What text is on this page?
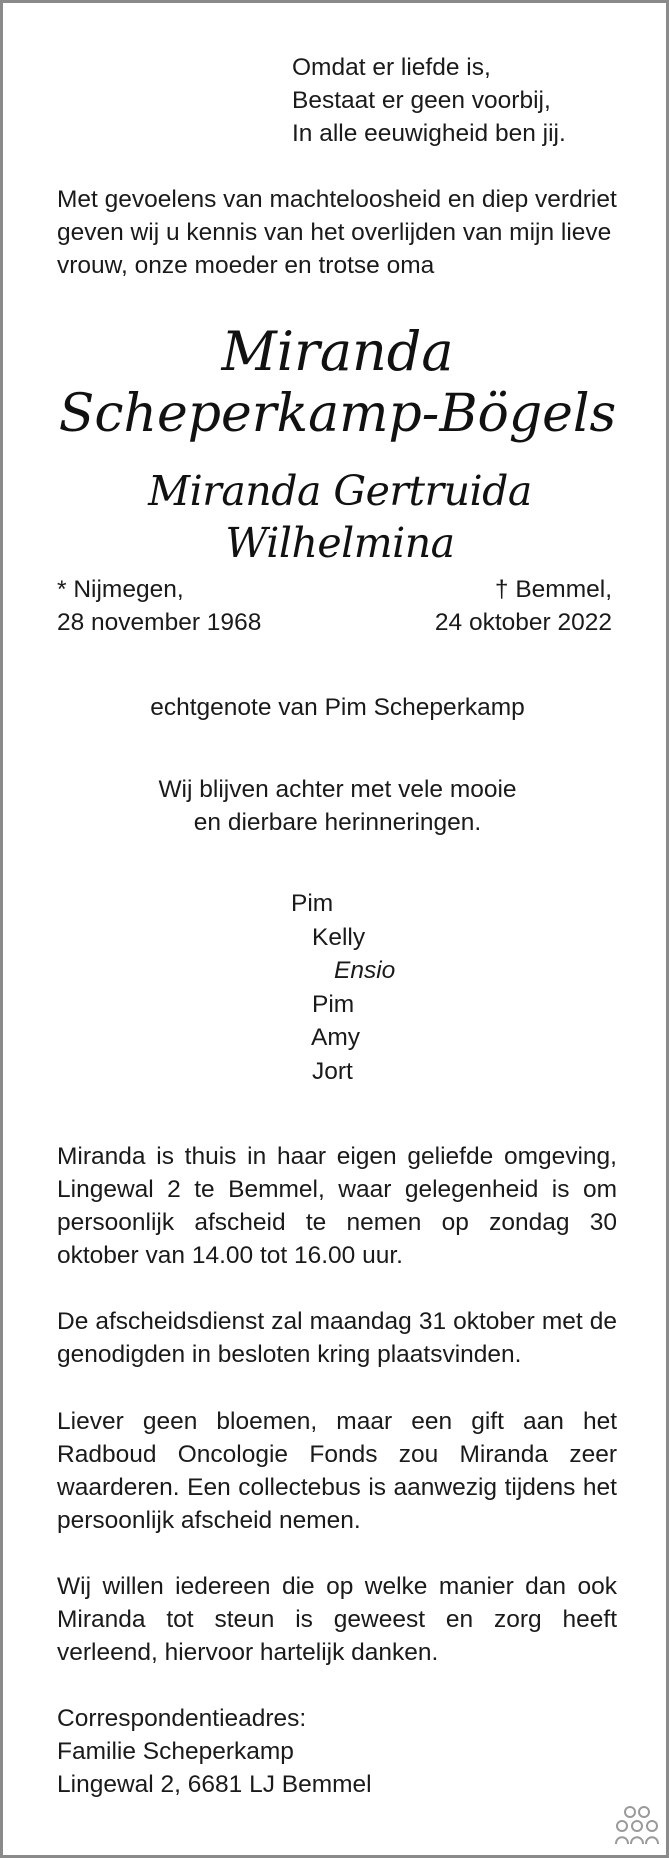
Omdat er liefde is,
Bestaat er geen voorbij,
In alle eeuwigheid ben jij.
Met gevoelens van machteloosheid en diep verdriet
geven wij u kennis van het overlijden van mijn lieve
vrouw, onze moeder en trotse oma
Miranda
Scheperkamp-Bögels
Miranda Gertruida Wilhelmina
* Nijmegen,
28 november 1968
† Bemmel,
24 oktober 2022
echtgenote van Pim Scheperkamp
Wij blijven achter met vele mooie
en dierbare herinneringen.
Pim
Kelly
Ensio
Pim
Amy
Jort
Miranda is thuis in haar eigen geliefde omgeving, Lingewal 2 te Bemmel, waar gelegenheid is om persoonlijk afscheid te nemen op zondag 30 oktober van 14.00 tot 16.00 uur.
De afscheidsdienst zal maandag 31 oktober met de genodigden in besloten kring plaatsvinden.
Liever geen bloemen, maar een gift aan het Radboud Oncologie Fonds zou Miranda zeer waarderen. Een collectebus is aanwezig tijdens het persoonlijk afscheid nemen.
Wij willen iedereen die op welke manier dan ook Miranda tot steun is geweest en zorg heeft verleend, hiervoor hartelijk danken.
Correspondentieadres:
Familie Scheperkamp
Lingewal 2, 6681 LJ Bemmel
